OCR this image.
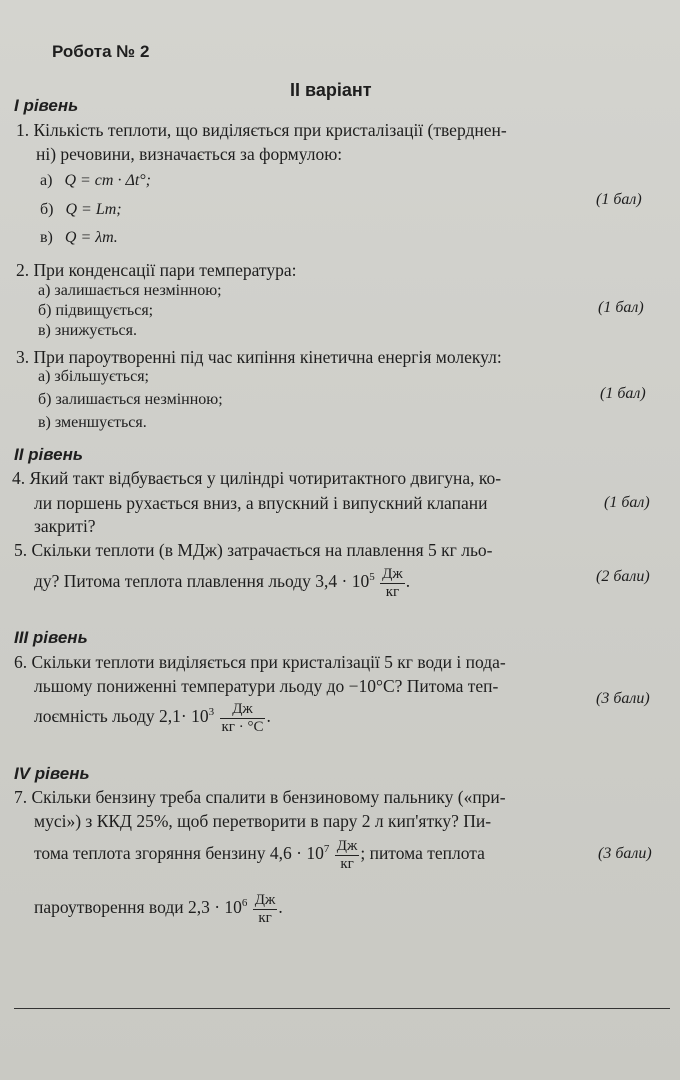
Робота № 2
II варіант
I рівень
1. Кількість теплоти, що виділяється при кристалізації (тверднен-
ні) речовини, визначається за формулою:
а) Q = cm · Δt°;
б) Q = Lm;
в) Q = λm.
(1 бал)
2. При конденсації пари температура:
а) залишається незмінною;
б) підвищується;
в) знижується.
(1 бал)
3. При пароутворенні під час кипіння кінетична енергія молекул:
а) збільшується;
б) залишається незмінною;
в) зменшується.
(1 бал)
II рівень
4. Який такт відбувається у циліндрі чотиритактного двигуна, ко-
ли поршень рухається вниз, а впускний і випускний клапани
закриті?
(1 бал)
5. Скільки теплоти (в МДж) затрачається на плавлення 5 кг льо-
ду? Питома теплота плавлення льоду $3,4 \cdot 10^5 \frac{Дж}{кг}$ .	(2 бали)
III рівень
6. Скільки теплоти виділяється при кристалізації 5 кг води і пода-
льшому пониженні температури льоду до −10°C? Питома теп-
лоємність льоду $2,1\cdot 10^3 \frac{Дж}{кг \cdot ^\circ C}$ .
(3 бали)
IV рівень
7. Скільки бензину треба спалити в бензиновому пальнику («при-
мусі») з ККД 25%, щоб перетворити в пару 2 л кип'ятку? Пи-
тома теплота згоряння бензину $4,6 \cdot 10^7 \frac{Дж}{кг}$ ; питома теплота	(3 бали)
пароутворення води $2,3 \cdot 10^6 \frac{Дж}{кг}$ .
